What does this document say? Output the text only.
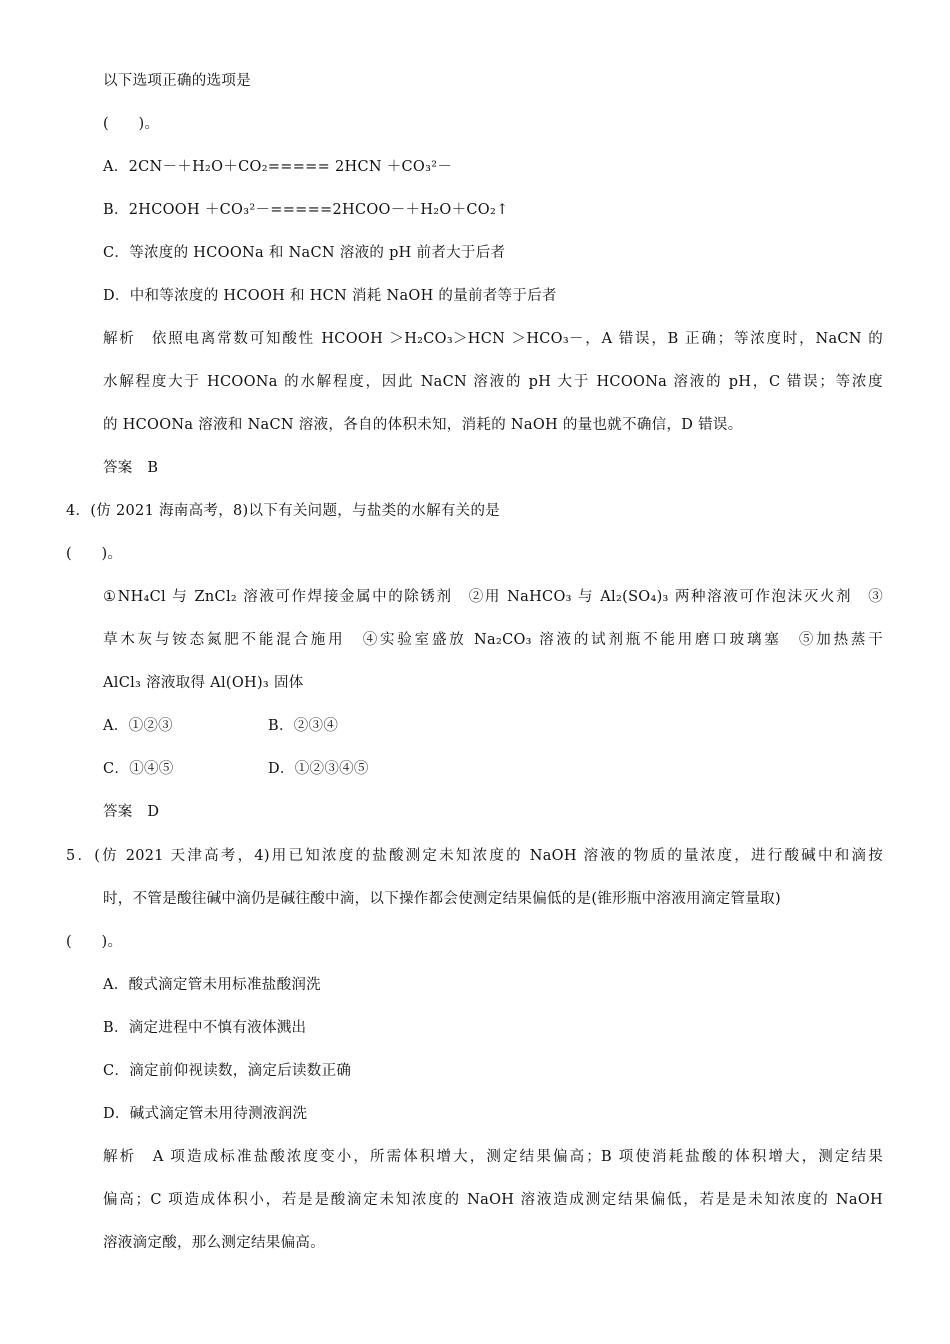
以下选项正确的选项是
(　　)。
A．2CN－＋H₂O＋CO₂===== 2HCN ＋CO₃²－
B．2HCOOH ＋CO₃²－=====2HCOO－＋H₂O＋CO₂↑
C．等浓度的 HCOONa 和 NaCN 溶液的 pH 前者大于后者
D．中和等浓度的 HCOOH 和 HCN 消耗 NaOH 的量前者等于后者
解析　依照电离常数可知酸性 HCOOH ＞H₂CO₃＞HCN ＞HCO₃－，A 错误，B 正确；等浓度时，NaCN 的
水解程度大于 HCOONa 的水解程度，因此 NaCN 溶液的 pH 大于 HCOONa 溶液的 pH，C 错误；等浓度
的 HCOONa 溶液和 NaCN 溶液，各自的体积未知，消耗的 NaOH 的量也就不确信，D 错误。
答案　B
4．(仿 2021 海南高考，8)以下有关问题，与盐类的水解有关的是
(　　)。
①NH₄Cl 与 ZnCl₂ 溶液可作焊接金属中的除锈剂　②用 NaHCO₃ 与 Al₂(SO₄)₃ 两种溶液可作泡沫灭火剂　③
草木灰与铵态氮肥不能混合施用　④实验室盛放 Na₂CO₃ 溶液的试剂瓶不能用磨口玻璃塞　⑤加热蒸干
AlCl₃ 溶液取得 Al(OH)₃ 固体
A．①②③	B．②③④
C．①④⑤	D．①②③④⑤
答案　D
5．(仿 2021 天津高考，4)用已知浓度的盐酸测定未知浓度的 NaOH 溶液的物质的量浓度，进行酸碱中和滴按
时，不管是酸往碱中滴仍是碱往酸中滴，以下操作都会使测定结果偏低的是(锥形瓶中溶液用滴定管量取)
(　　)。
A．酸式滴定管未用标准盐酸润洗
B．滴定进程中不慎有液体溅出
C．滴定前仰视读数，滴定后读数正确
D．碱式滴定管未用待测液润洗
解析　A 项造成标准盐酸浓度变小，所需体积增大，测定结果偏高；B 项使消耗盐酸的体积增大，测定结果
偏高；C 项造成体积小，若是是酸滴定未知浓度的 NaOH 溶液造成测定结果偏低，若是是未知浓度的 NaOH
溶液滴定酸，那么测定结果偏高。
